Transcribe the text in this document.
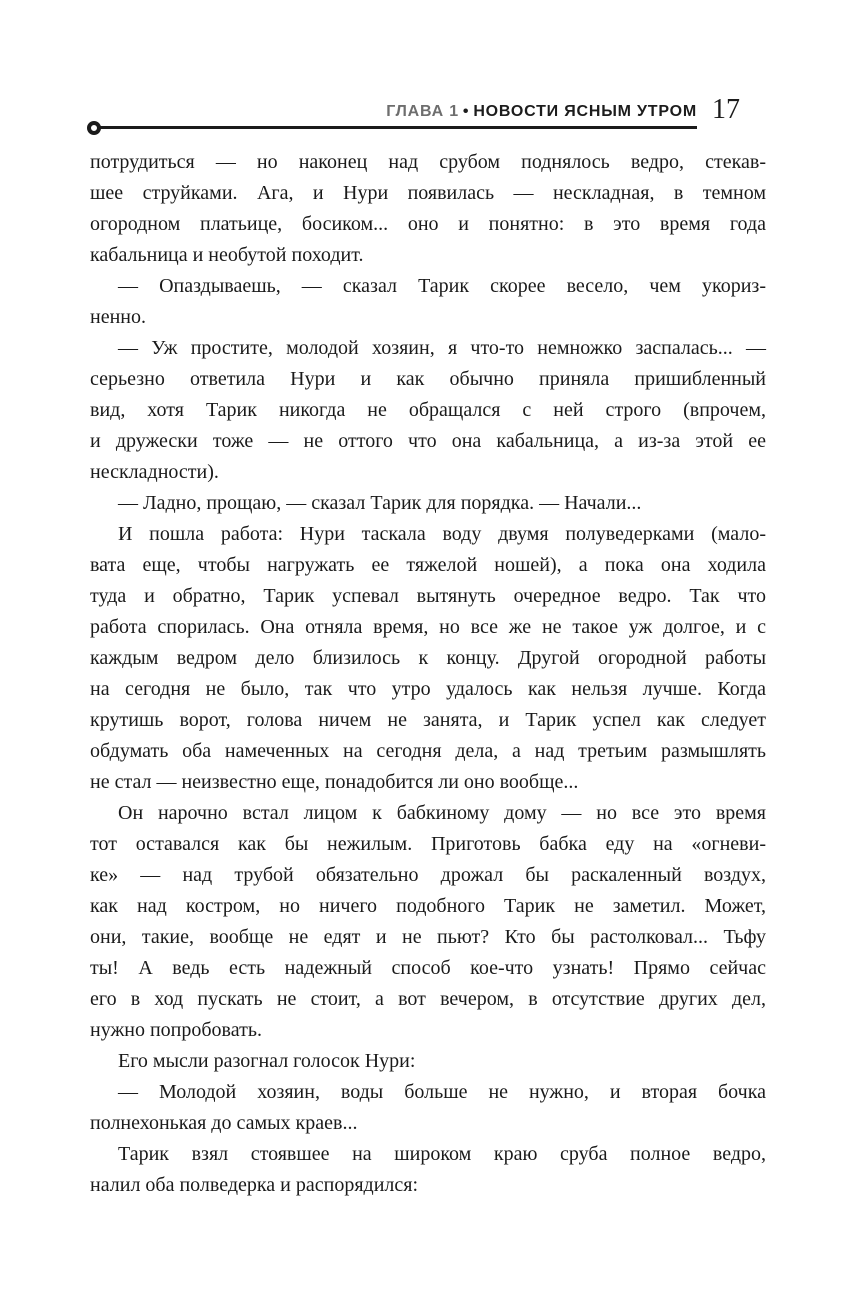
ГЛАВА 1 • НОВОСТИ ЯСНЫМ УТРОМ 17
потрудиться — но наконец над срубом поднялось ведро, стекав-
шее струйками. Ага, и Нури появилась — нескладная, в темном
огородном платьице, босиком... оно и понятно: в это время года
кабальница и необутой походит.
— Опаздываешь, — сказал Тарик скорее весело, чем укориз-
ненно.
— Уж простите, молодой хозяин, я что-то немножко заспалась... —
серьезно ответила Нури и как обычно приняла пришибленный
вид, хотя Тарик никогда не обращался с ней строго (впрочем,
и дружески тоже — не оттого что она кабальница, а из-за этой ее
нескладности).
— Ладно, прощаю, — сказал Тарик для порядка. — Начали...
И пошла работа: Нури таскала воду двумя полуведерками (мало-
вата еще, чтобы нагружать ее тяжелой ношей), а пока она ходила
туда и обратно, Тарик успевал вытянуть очередное ведро. Так что
работа спорилась. Она отняла время, но все же не такое уж долгое, и с
каждым ведром дело близилось к концу. Другой огородной работы
на сегодня не было, так что утро удалось как нельзя лучше. Когда
крутишь ворот, голова ничем не занята, и Тарик успел как следует
обдумать оба намеченных на сегодня дела, а над третьим размышлять
не стал — неизвестно еще, понадобится ли оно вообще...
Он нарочно встал лицом к бабкиному дому — но все это время
тот оставался как бы нежилым. Приготовь бабка еду на «огневи-
ке» — над трубой обязательно дрожал бы раскаленный воздух,
как над костром, но ничего подобного Тарик не заметил. Может,
они, такие, вообще не едят и не пьют? Кто бы растолковал... Тьфу
ты! А ведь есть надежный способ кое-что узнать! Прямо сейчас
его в ход пускать не стоит, а вот вечером, в отсутствие других дел,
нужно попробовать.
Его мысли разогнал голосок Нури:
— Молодой хозяин, воды больше не нужно, и вторая бочка
полнехонькая до самых краев...
Тарик взял стоявшее на широком краю сруба полное ведро,
налил оба полведерка и распорядился:
